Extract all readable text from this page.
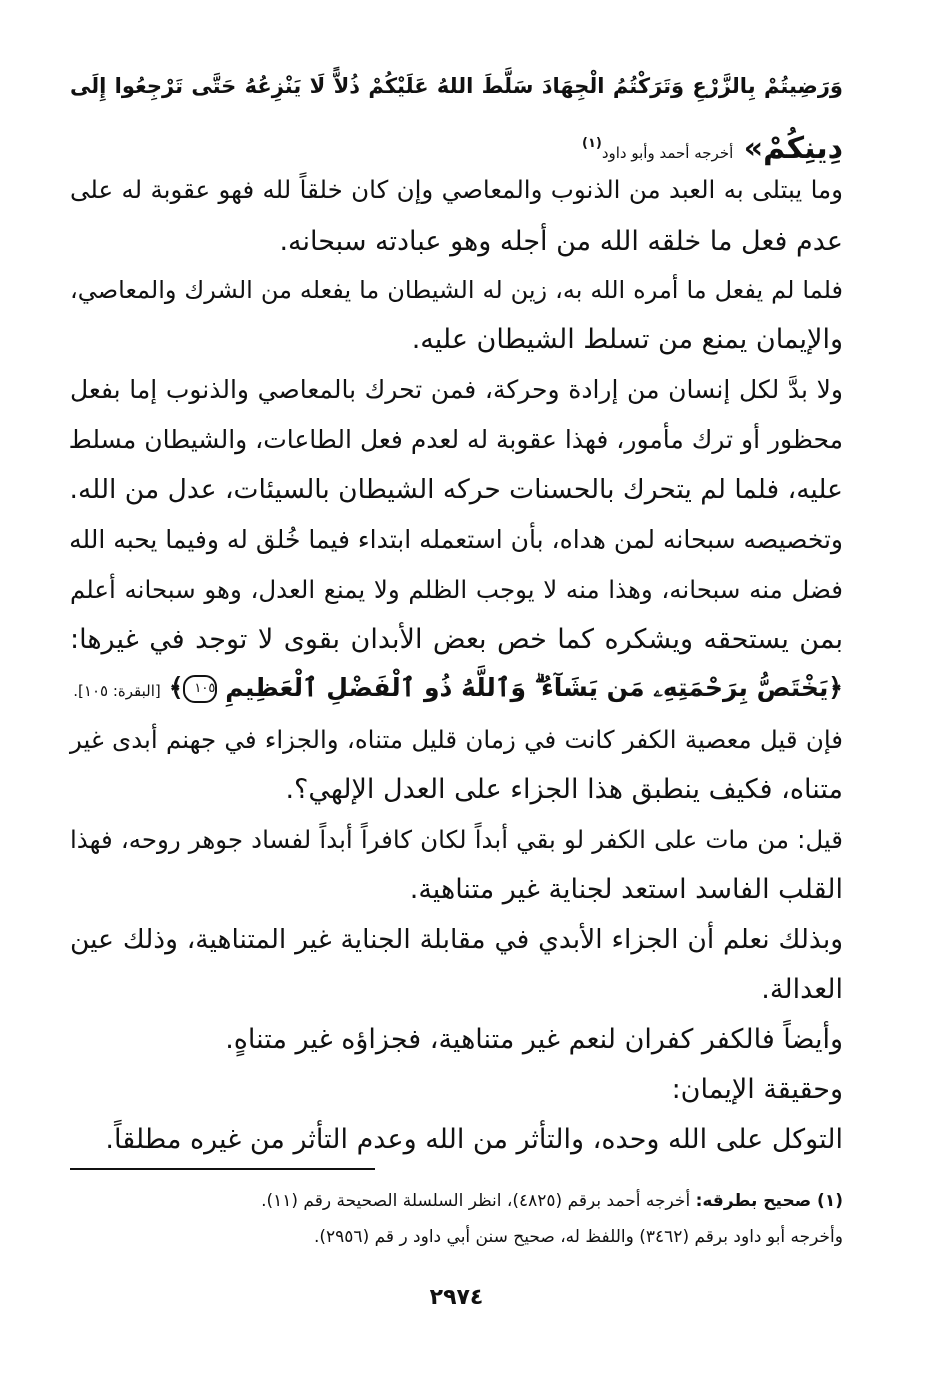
وَرَضِيتُمْ بِالزَّرْعِ وَتَرَكْتُمُ الْجِهَادَ سَلَّطَ اللهُ عَلَيْكُمْ ذُلاًّ لَا يَنْزِعُهُ حَتَّى تَرْجِعُوا إِلَى
دِينِكُمْ» أخرجه أحمد وأبو داود$^{(١)}$
وما يبتلى به العبد من الذنوب والمعاصي وإن كان خلقاً لله فهو عقوبة له على
عدم فعل ما خلقه الله من أجله وهو عبادته سبحانه.
فلما لم يفعل ما أمره الله به، زين له الشيطان ما يفعله من الشرك والمعاصي،
والإيمان يمنع من تسلط الشيطان عليه.
ولا بدَّ لكل إنسان من إرادة وحركة، فمن تحرك بالمعاصي والذنوب إما بفعل
محظور أو ترك مأمور، فهذا عقوبة له لعدم فعل الطاعات، والشيطان مسلط
عليه، فلما لم يتحرك بالحسنات حركه الشيطان بالسيئات، عدل من الله.
وتخصيصه سبحانه لمن هداه، بأن استعمله ابتداء فيما خُلق له وفيما يحبه الله
فضل منه سبحانه، وهذا منه لا يوجب الظلم ولا يمنع العدل، وهو سبحانه أعلم
بمن يستحقه ويشكره كما خص بعض الأبدان بقوى لا توجد في غيرها:
﴿يَخْتَصُّ بِرَحْمَتِهِۦ مَن يَشَآءُ ۗ وَٱللَّهُ ذُو ٱلْفَضْلِ ٱلْعَظِيمِ ١٠٥﴾ [البقرة: ١٠٥].
فإن قيل معصية الكفر كانت في زمان قليل متناه، والجزاء في جهنم أبدى غير
متناه، فكيف ينطبق هذا الجزاء على العدل الإلهي؟.
قيل: من مات على الكفر لو بقي أبداً لكان كافراً أبداً لفساد جوهر روحه، فهذا
القلب الفاسد استعد لجناية غير متناهية.
وبذلك نعلم أن الجزاء الأبدي في مقابلة الجناية غير المتناهية، وذلك عين
العدالة.
وأيضاً فالكفر كفران لنعم غير متناهية، فجزاؤه غير متناهٍ.
وحقيقة الإيمان:
التوكل على الله وحده، والتأثر من الله وعدم التأثر من غيره مطلقاً.
(١) صحيح بطرقه: أخرجه أحمد برقم (٤٨٢٥)، انظر السلسلة الصحيحة رقم (١١).
وأخرجه أبو داود برقم (٣٤٦٢) واللفظ له، صحيح سنن أبي داود ر قم (٢٩٥٦).
٢٩٧٤
